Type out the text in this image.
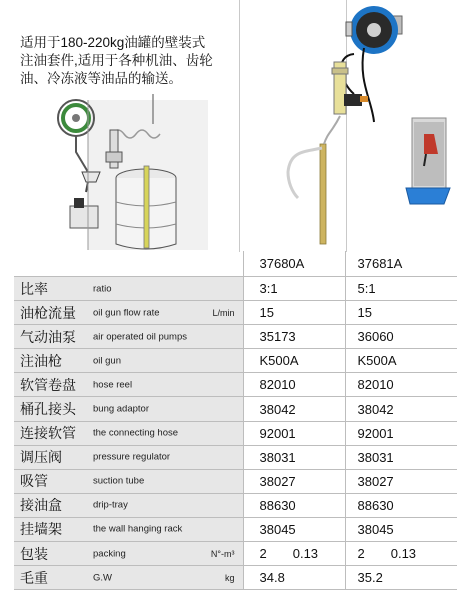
适用于180-220kg油罐的壁装式
注油套件,适用于各种机油、齿轮
油、冷冻液等油品的输送。

	37680A	37681A

比率 ratio	3:1	5:1

油枪流量 oil gun flow rate L/min	15	15

气动油泵 air operated oil pumps	35173	36060

注油枪 oil gun	K500A	K500A

软管卷盘 hose reel	82010	82010

桶孔接头 bung adaptor	38042	38042

连接软管 the connecting hose	92001	92001

调压阀 pressure regulator	38031	38031

吸管 suction tube	38027	38027

接油盒 drip-tray	88630	88630

挂墙架 the wall hanging rack	38045	38045

包装 packing N°-m³	2 0.13	2 0.13

毛重 G.W kg	34.8	35.2
